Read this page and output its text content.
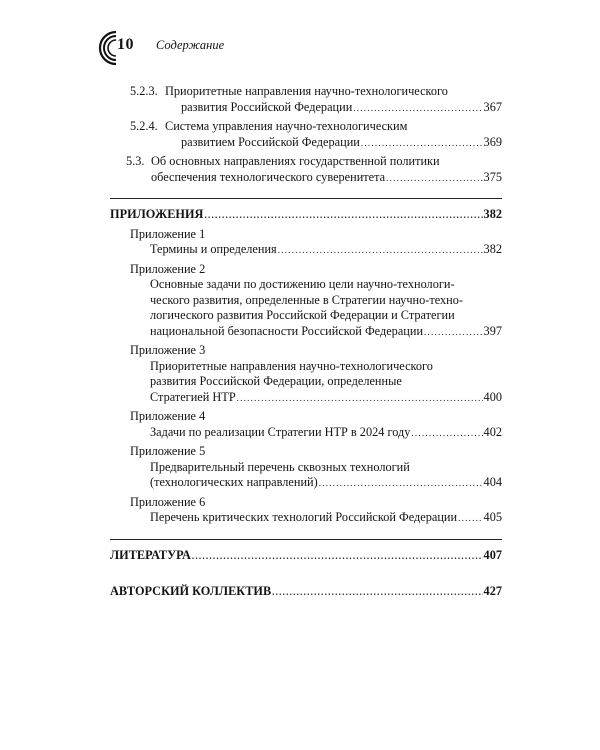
10 Содержание
5.2.3. Приоритетные направления научно-технологического
развития Российской Федерации . . .	367
5.2.4. Система управления научно-технологическим
развитием Российской Федерации . . .	369
5.3. Об основных направлениях государственной политики
обеспечения технологического суверенитета . . .	375
ПРИЛОЖЕНИЯ . . .	382
Приложение 1
Термины и определения . . .	382
Приложение 2
Основные задачи по достижению цели научно-технологи-
ческого развития, определенные в Стратегии научно-техно-
логического развития Российской Федерации и Стратегии
национальной безопасности Российской Федерации . . .	397
Приложение 3
Приоритетные направления научно-технологического
развития Российской Федерации, определенные
Стратегией НТР . . .	400
Приложение 4
Задачи по реализации Стратегии НТР в 2024 году . . .	402
Приложение 5
Предварительный перечень сквозных технологий
(технологических направлений) . . .	404
Приложение 6
Перечень критических технологий Российской Федерации . . . 405
ЛИТЕРАТУРА . . .	407
АВТОРСКИЙ КОЛЛЕКТИВ . . .	427
